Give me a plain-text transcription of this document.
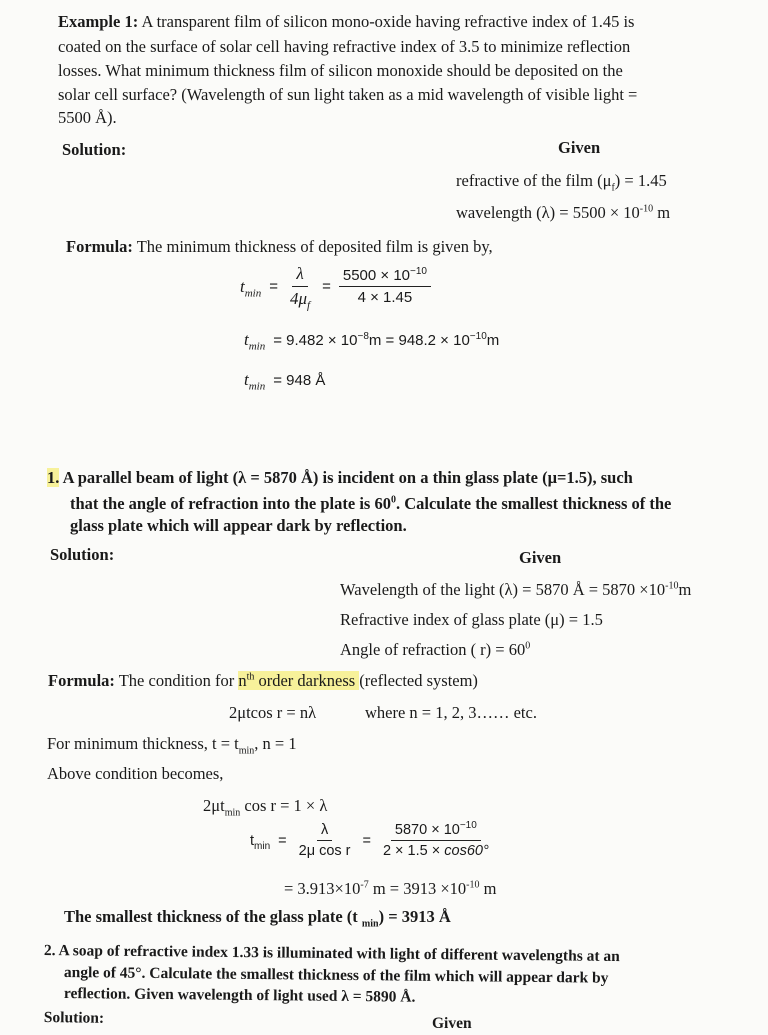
Example 1: A transparent film of silicon mono-oxide having refractive index of 1.45 is
coated on the surface of solar cell having refractive index of 3.5 to minimize reflection
losses. What minimum thickness film of silicon monoxide should be deposited on the
solar cell surface? (Wavelength of sun light taken as a mid wavelength of visible light =
5500 Å).
Solution:	Given
refractive of the film $(\mu_f) = 1.45$
wavelength $(\lambda) = 5500 \times 10^{-10}$ m
Formula: The minimum thickness of deposited film is given by,
$t_{min} = \frac{\lambda}{4\mu_f} = \frac{5500 \times 10^{-10}}{4 \times 1.45}$
$t_{min} = 9.482 \times 10^{-8}m = 948.2 \times 10^{-10}m$
$t_{min} = 948$ Å
1. A parallel beam of light (λ = 5870 Å) is incident on a thin glass plate (μ=1.5), such
that the angle of refraction into the plate is $60^0$. Calculate the smallest thickness of the
glass plate which will appear dark by reflection.
Solution:	Given
Wavelength of the light (λ) = 5870 Å = $5870 \times 10^{-10}m$
Refractive index of glass plate (μ) = 1.5
Angle of refraction ( $r) = 60^0$
Formula: The condition for $n^{th}$ order darkness (reflected system)
2μtcos r = nλ	where n = 1, 2, 3…… etc.
For minimum thickness, $t = t_{min}$, n = 1
Above condition becomes,
$2\mu t_{min}$ cos r = 1 × λ
$t_{min} = \frac{\lambda}{\text{2μ cos r}} = \frac{5870 \times 10^{-10}}{2 \times 1.5 \times \cos 60^\circ}$
= $3.913\times 10^{-7}$ $m = 3913 \times 10^{-10}$ m
The smallest thickness of the glass plate (t $_{min}$) = 3913 Å
2. A soap of refractive index 1.33 is illuminated with light of different wavelengths at an
angle of 45°. Calculate the smallest thickness of the film which will appear dark by
reflection. Given wavelength of light used λ = 5890 Å.
Solution:	Given
